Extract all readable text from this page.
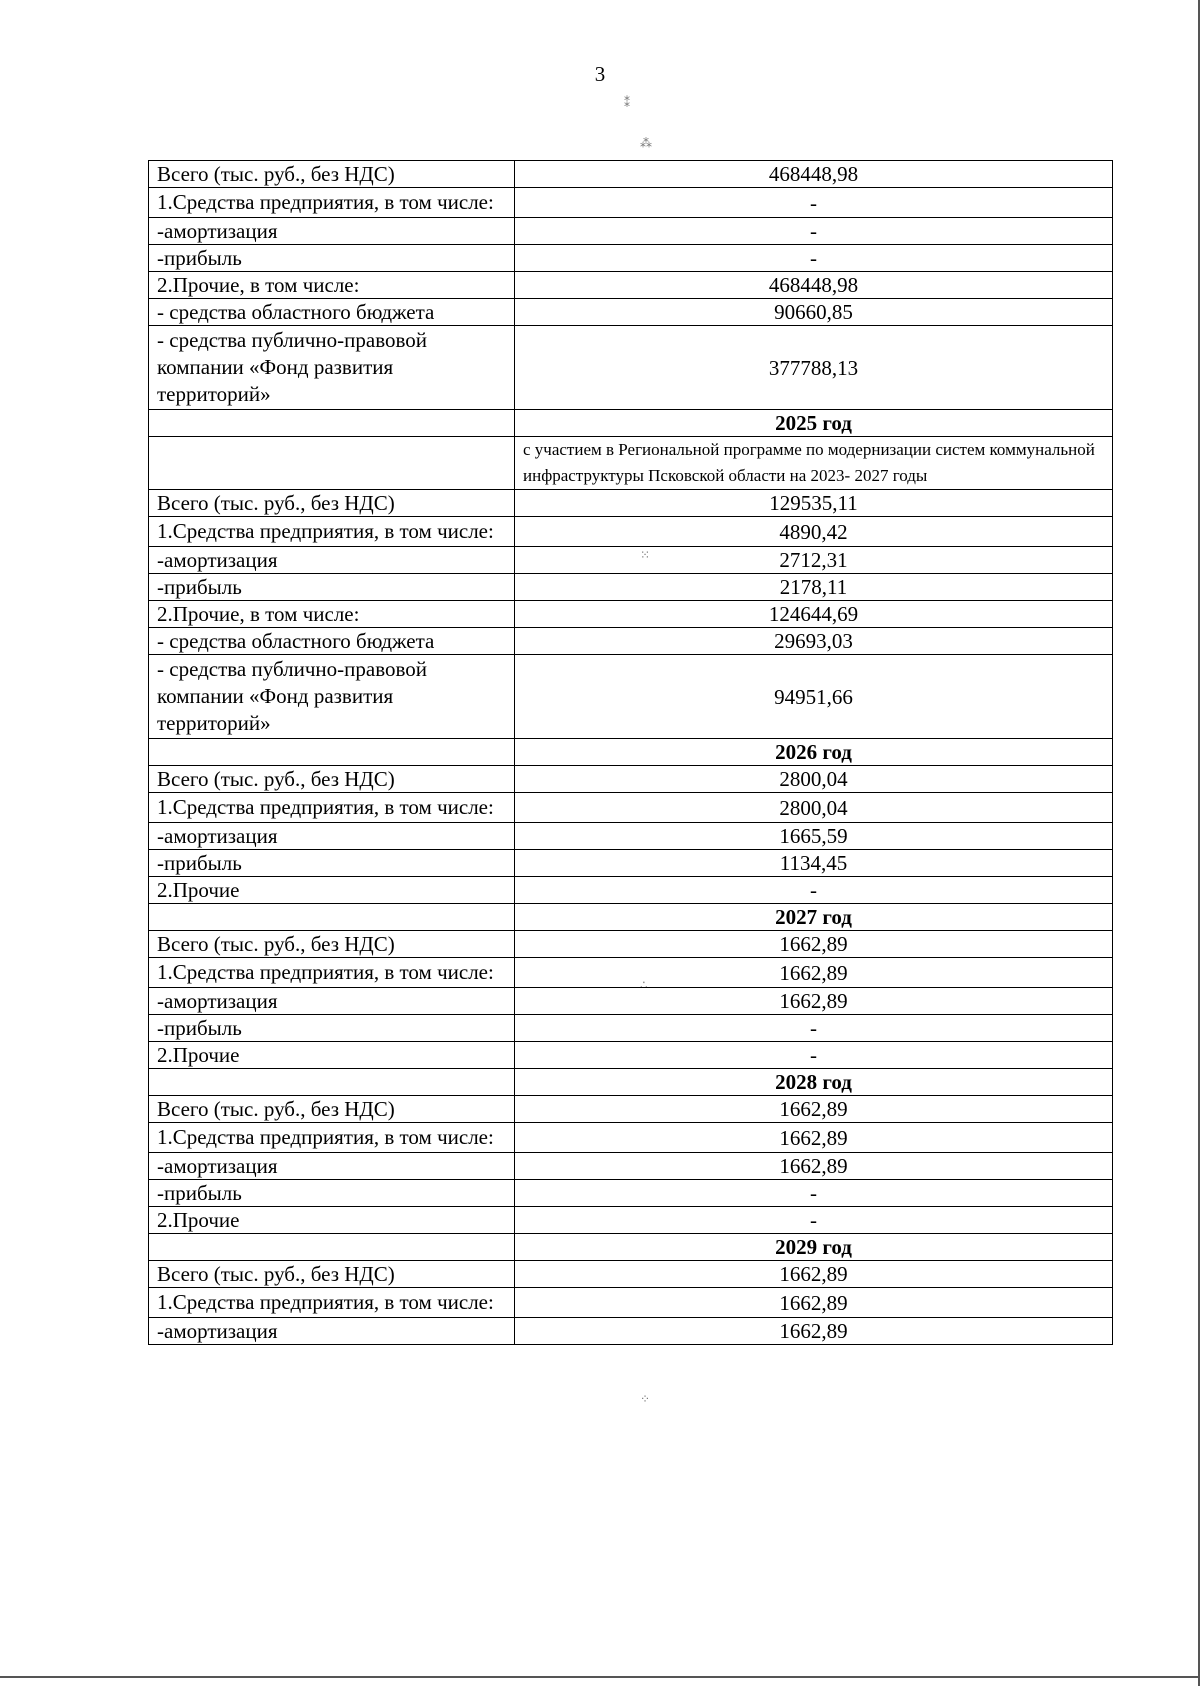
3
⁑
⁂
⁙
∴
⁘
Всего (тыс. руб., без НДС)	468448,98
1.Средства предприятия, в том числе:	-
-амортизация	-
-прибыль	-
2.Прочие, в том числе:	468448,98
- средства областного бюджета	90660,85
- средства публично-правовой компании «Фонд развития территорий»	377788,13
	2025 год
	с участием в Региональной программе по модернизации систем коммунальной инфраструктуры Псковской области на 2023- 2027 годы
Всего (тыс. руб., без НДС)	129535,11
1.Средства предприятия, в том числе:	4890,42
-амортизация	2712,31
-прибыль	2178,11
2.Прочие, в том числе:	124644,69
- средства областного бюджета	29693,03
- средства публично-правовой компании «Фонд развития территорий»	94951,66
	2026 год
Всего (тыс. руб., без НДС)	2800,04
1.Средства предприятия, в том числе:	2800,04
-амортизация	1665,59
-прибыль	1134,45
2.Прочие	-
	2027 год
Всего (тыс. руб., без НДС)	1662,89
1.Средства предприятия, в том числе:	1662,89
-амортизация	1662,89
-прибыль	-
2.Прочие	-
	2028 год
Всего (тыс. руб., без НДС)	1662,89
1.Средства предприятия, в том числе:	1662,89
-амортизация	1662,89
-прибыль	-
2.Прочие	-
	2029 год
Всего (тыс. руб., без НДС)	1662,89
1.Средства предприятия, в том числе:	1662,89
-амортизация	1662,89
